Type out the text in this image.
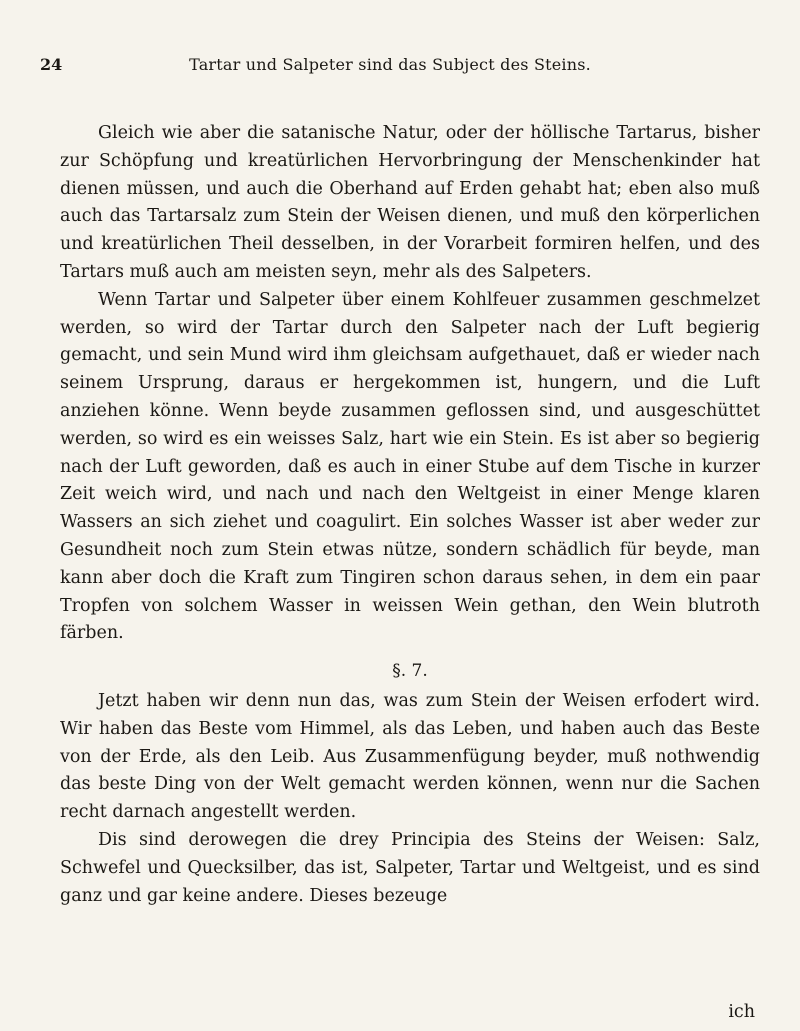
24	Tartar und Salpeter sind das Subject des Steins.

Gleich wie aber die satanische Natur, oder der höllische Tartarus, bisher zur Schöpfung und kreatürlichen Hervorbringung der Menschenkinder hat dienen müssen, und auch die Oberhand auf Erden gehabt hat; eben also muß auch das Tartarsalz zum Stein der Weisen dienen, und muß den körperlichen und kreatürlichen Theil desselben, in der Vorarbeit formiren helfen, und des Tartars muß auch am meisten seyn, mehr als des Salpeters.

Wenn Tartar und Salpeter über einem Kohlfeuer zusammen geschmelzet werden, so wird der Tartar durch den Salpeter nach der Luft begierig gemacht, und sein Mund wird ihm gleichsam aufgethauet, daß er wieder nach seinem Ursprung, daraus er hergekommen ist, hungern, und die Luft anziehen könne. Wenn beyde zusammen geflossen sind, und ausgeschüttet werden, so wird es ein weisses Salz, hart wie ein Stein. Es ist aber so begierig nach der Luft geworden, daß es auch in einer Stube auf dem Tische in kurzer Zeit weich wird, und nach und nach den Weltgeist in einer Menge klaren Wassers an sich ziehet und coagulirt. Ein solches Wasser ist aber weder zur Gesundheit noch zum Stein etwas nütze, sondern schädlich für beyde, man kann aber doch die Kraft zum Tingiren schon daraus sehen, in dem ein paar Tropfen von solchem Wasser in weissen Wein gethan, den Wein blutroth färben.

§. 7.

Jetzt haben wir denn nun das, was zum Stein der Weisen erfodert wird. Wir haben das Beste vom Himmel, als das Leben, und haben auch das Beste von der Erde, als den Leib. Aus Zusammenfügung beyder, muß nothwendig das beste Ding von der Welt gemacht werden können, wenn nur die Sachen recht darnach angestellt werden.

Dis sind derowegen die drey Principia des Steins der Weisen: Salz, Schwefel und Quecksilber, das ist, Salpeter, Tartar und Weltgeist, und es sind ganz und gar keine andere. Dieses bezeuge

ich
